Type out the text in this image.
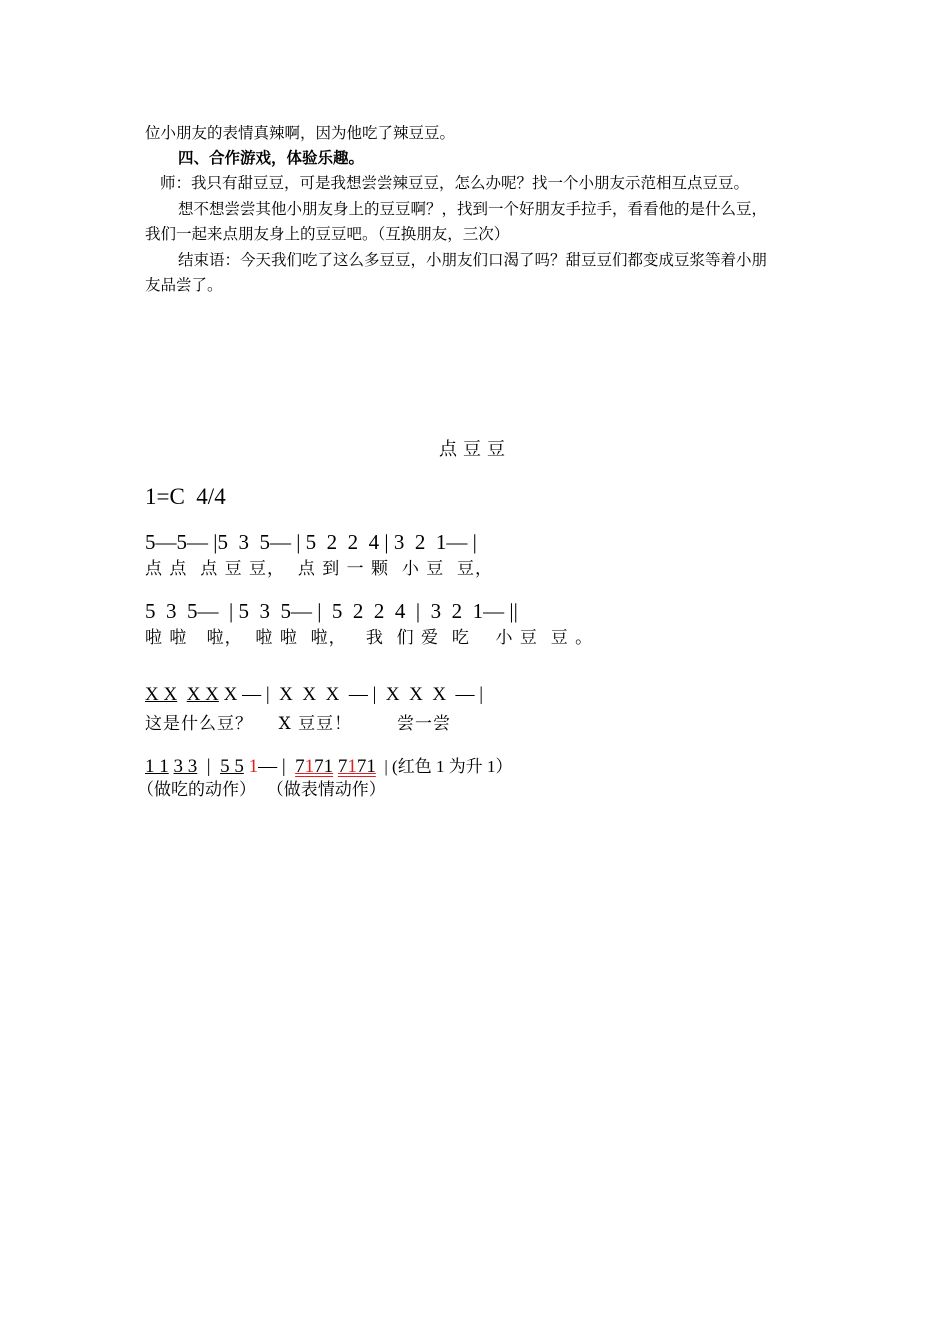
位小朋友的表情真辣啊，因为他吃了辣豆豆。
四、合作游戏，体验乐趣。
师：我只有甜豆豆，可是我想尝尝辣豆豆，怎么办呢？找一个小朋友示范相互点豆豆。
想不想尝尝其他小朋友身上的豆豆啊？，找到一个好朋友手拉手，看看他的是什么豆，
我们一起来点朋友身上的豆豆吧。（互换朋友，三次）
结束语：今天我们吃了这么多豆豆，小朋友们口渴了吗？甜豆豆们都变成豆浆等着小朋
友品尝了。
点豆豆
1=C  4/4
5—5— |5  3  5— | 5  2  2  4 | 3  2  1— |
点 点  点 豆 豆，  点 到 一 颗  小 豆  豆，
5  3  5—  | 5  3  5— |  5  2  2  4  |  3  2  1— ||
啦 啦   啦，  啦 啦  啦，   我  们 爱  吃    小 豆  豆 。
X X X X X — |  X  X  X  — |  X  X  X  — |
这是什么豆？    X 豆豆！       尝一尝
1 1 3 3  |  5 5 1— |  7171 7171  | (红色 1 为升 1）
（做吃的动作）  （做表情动作）
